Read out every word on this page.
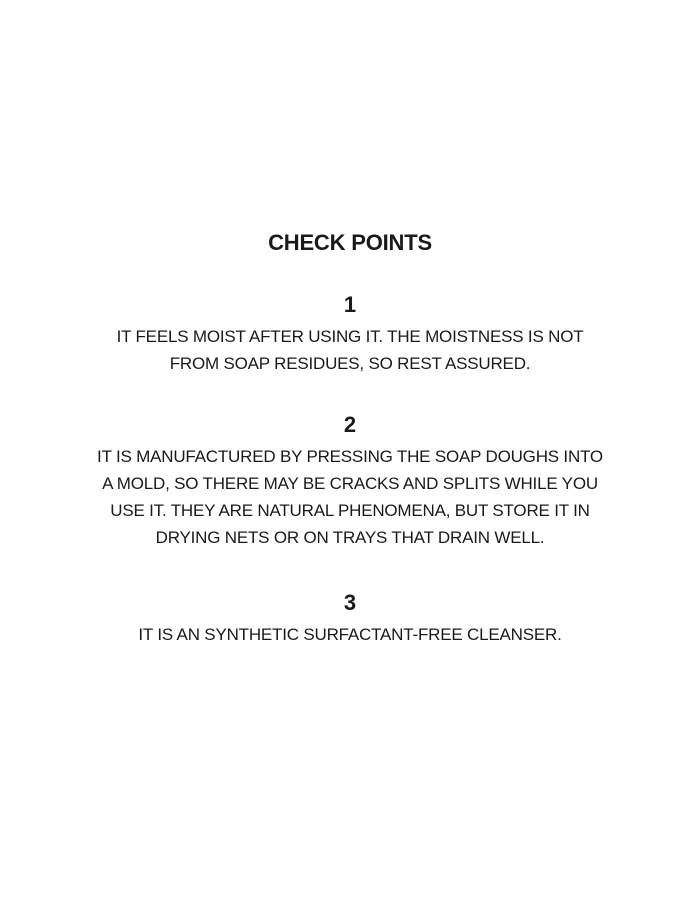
CHECK POINTS
1
IT FEELS MOIST AFTER USING IT. THE MOISTNESS IS NOT
FROM SOAP RESIDUES, SO REST ASSURED.
2
IT IS MANUFACTURED BY PRESSING THE SOAP DOUGHS INTO
A MOLD, SO THERE MAY BE CRACKS AND SPLITS WHILE YOU
USE IT. THEY ARE NATURAL PHENOMENA, BUT STORE IT IN
DRYING NETS OR ON TRAYS THAT DRAIN WELL.
3
IT IS AN SYNTHETIC SURFACTANT-FREE CLEANSER.
